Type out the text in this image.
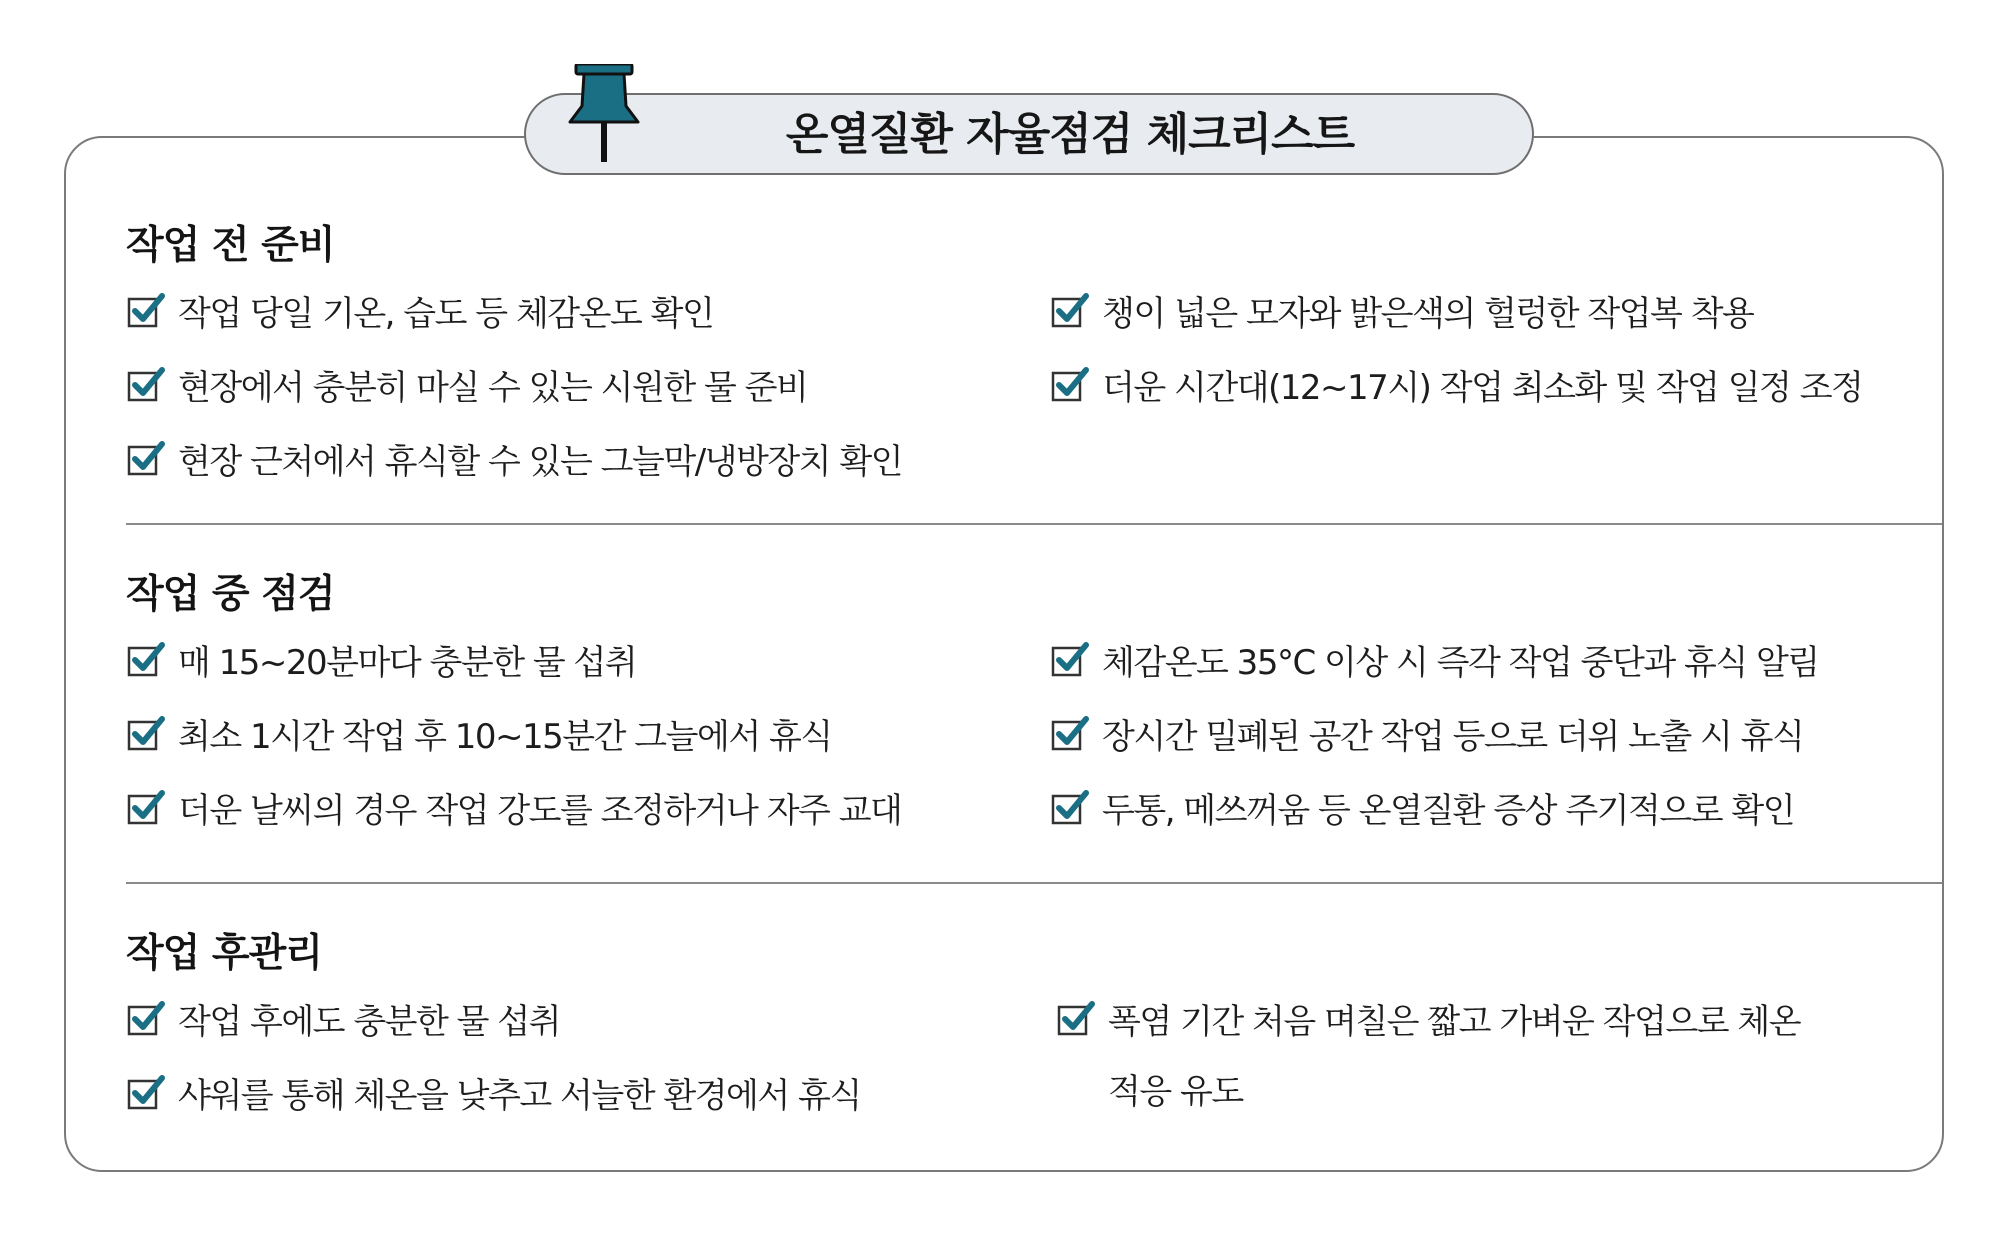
온열질환 자율점검 체크리스트
작업 전 준비
작업 당일 기온, 습도 등 체감온도 확인
현장에서 충분히 마실 수 있는 시원한 물 준비
현장 근처에서 휴식할 수 있는 그늘막/냉방장치 확인
챙이 넓은 모자와 밝은색의 헐렁한 작업복 착용
더운 시간대(12~17시) 작업 최소화 및 작업 일정 조정
작업 중 점검
매 15~20분마다 충분한 물 섭취
최소 1시간 작업 후 10~15분간 그늘에서 휴식
더운 날씨의 경우 작업 강도를 조정하거나 자주 교대
체감온도 35°C 이상 시 즉각 작업 중단과 휴식 알림
장시간 밀폐된 공간 작업 등으로 더위 노출 시 휴식
두통, 메쓰꺼움 등 온열질환 증상 주기적으로 확인
작업 후관리
작업 후에도 충분한 물 섭취
샤워를 통해 체온을 낮추고 서늘한 환경에서 휴식
폭염 기간 처음 며칠은 짧고 가벼운 작업으로 체온
적응 유도
